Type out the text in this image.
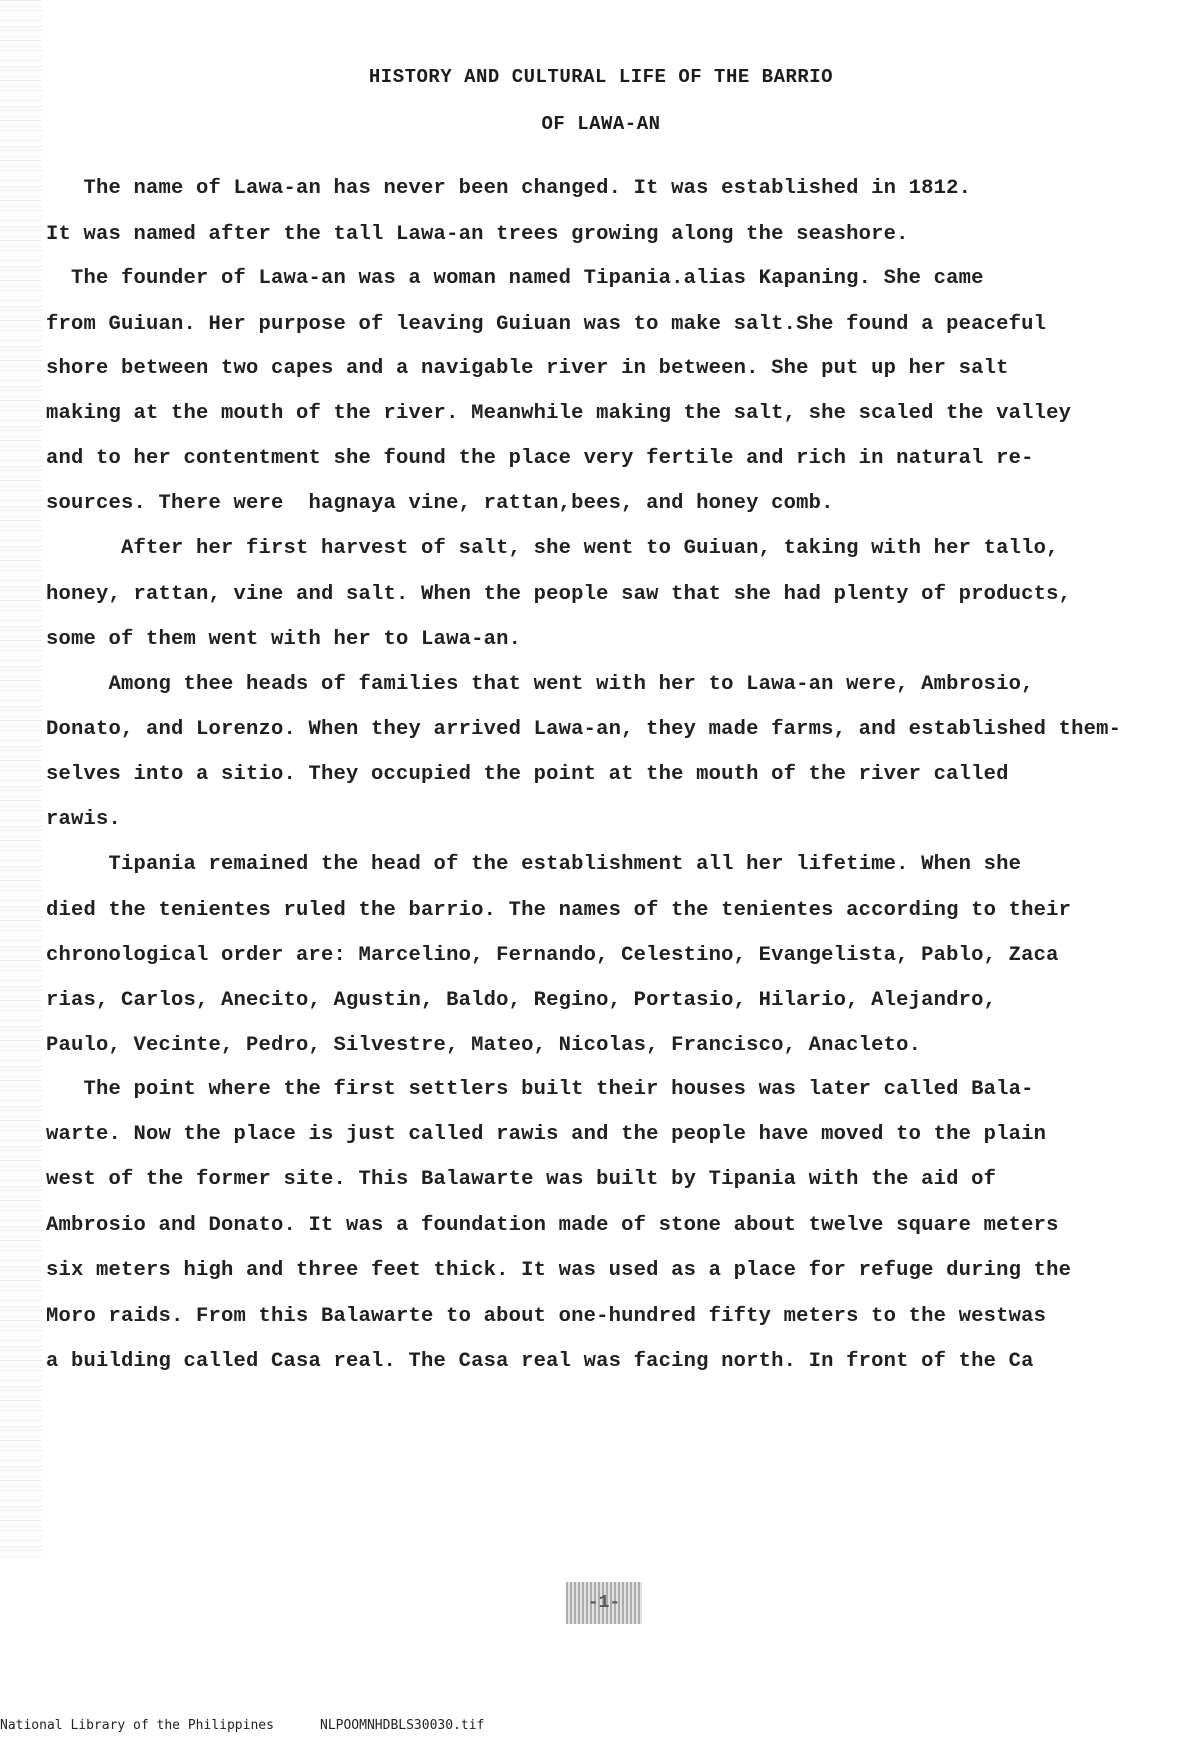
HISTORY AND CULTURAL LIFE OF THE BARRIO
OF LAWA-AN
The name of Lawa-an has never been changed. It was established in 1812.
It was named after the tall Lawa-an trees growing along the seashore.
The founder of Lawa-an was a woman named Tipania.alias Kapaning. She came
from Guiuan. Her purpose of leaving Guiuan was to make salt.She found a peaceful
shore between two capes and a navigable river in between. She put up her salt
making at the mouth of the river. Meanwhile making the salt, she scaled the valley
and to her contentment she found the place very fertile and rich in natural re-
sources. There were  hagnaya vine, rattan,bees, and honey comb.
After her first harvest of salt, she went to Guiuan, taking with her tallo,
honey, rattan, vine and salt. When the people saw that she had plenty of products,
some of them went with her to Lawa-an.
Among thee heads of families that went with her to Lawa-an were, Ambrosio,
Donato, and Lorenzo. When they arrived Lawa-an, they made farms, and established them-
selves into a sitio. They occupied the point at the mouth of the river called
rawis.
Tipania remained the head of the establishment all her lifetime. When she
died the tenientes ruled the barrio. The names of the tenientes according to their
chronological order are: Marcelino, Fernando, Celestino, Evangelista, Pablo, Zaca
rias, Carlos, Anecito, Agustin, Baldo, Regino, Portasio, Hilario, Alejandro,
Paulo, Vecinte, Pedro, Silvestre, Mateo, Nicolas, Francisco, Anacleto.
The point where the first settlers built their houses was later called Bala-
warte. Now the place is just called rawis and the people have moved to the plain
west of the former site. This Balawarte was built by Tipania with the aid of
Ambrosio and Donato. It was a foundation made of stone about twelve square meters
six meters high and three feet thick. It was used as a place for refuge during the
Moro raids. From this Balawarte to about one-hundred fifty meters to the westwas
a building called Casa real. The Casa real was facing north. In front of the Ca
-1-
National Library of the Philippines	NLPOOMNHDBLS30030.tif
